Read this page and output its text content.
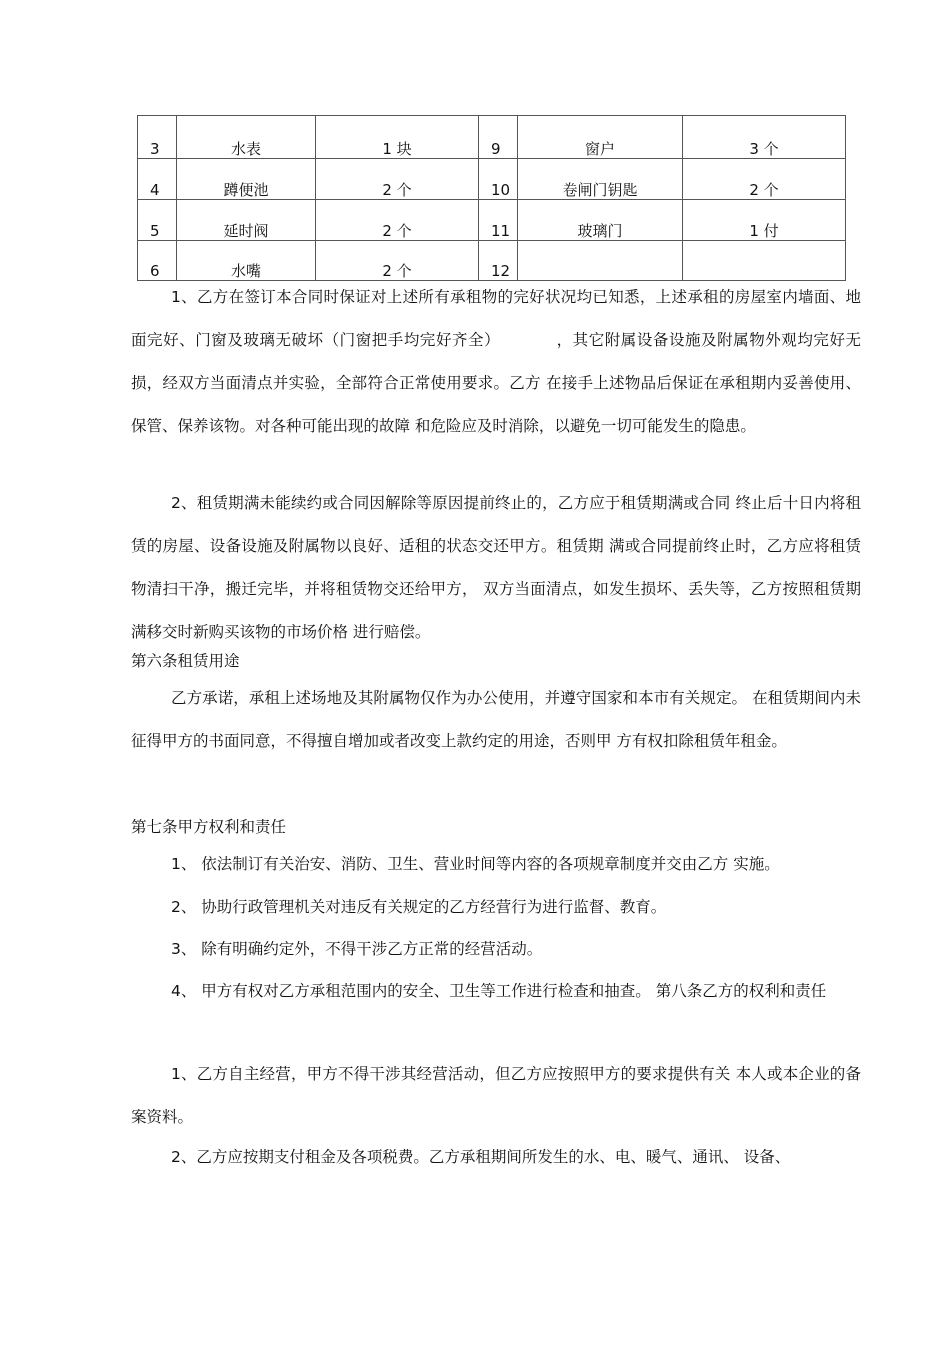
3	水表	1 块	9	窗户	3 个
4	蹲便池	2 个	10	卷闸门钥匙	2 个
5	延时阀	2 个	11	玻璃门	1 付
6	水嘴	2 个	12		

1、乙方在签订本合同时保证对上述所有承租物的完好状况均已知悉，上述承租的房屋室内墙面、地面完好、门窗及玻璃无破坏（门窗把手均完好齐全）　　　　，其它附属设备设施及附属物外观均完好无损，经双方当面清点并实验，全部符合正常使用要求。乙方 在接手上述物品后保证在承租期内妥善使用、保管、保养该物。对各种可能出现的故障 和危险应及时消除，以避免一切可能发生的隐患。

2、租赁期满未能续约或合同因解除等原因提前终止的，乙方应于租赁期满或合同 终止后十日内将租赁的房屋、设备设施及附属物以良好、适租的状态交还甲方。租赁期 满或合同提前终止时，乙方应将租赁物清扫干净，搬迁完毕，并将租赁物交还给甲方， 双方当面清点，如发生损坏、丢失等，乙方按照租赁期满移交时新购买该物的市场价格 进行赔偿。

第六条租赁用途

乙方承诺，承租上述场地及其附属物仅作为办公使用，并遵守国家和本市有关规定。 在租赁期间内未征得甲方的书面同意，不得擅自增加或者改变上款约定的用途，否则甲 方有权扣除租赁年租金。

第七条甲方权利和责任

1、 依法制订有关治安、消防、卫生、营业时间等内容的各项规章制度并交由乙方 实施。

2、 协助行政管理机关对违反有关规定的乙方经营行为进行监督、教育。

3、 除有明确约定外，不得干涉乙方正常的经营活动。

4、 甲方有权对乙方承租范围内的安全、卫生等工作进行检查和抽查。 第八条乙方的权利和责任

1、乙方自主经营，甲方不得干涉其经营活动，但乙方应按照甲方的要求提供有关 本人或本企业的备案资料。

2、乙方应按期支付租金及各项税费。乙方承租期间所发生的水、电、暖气、通讯、 设备、
